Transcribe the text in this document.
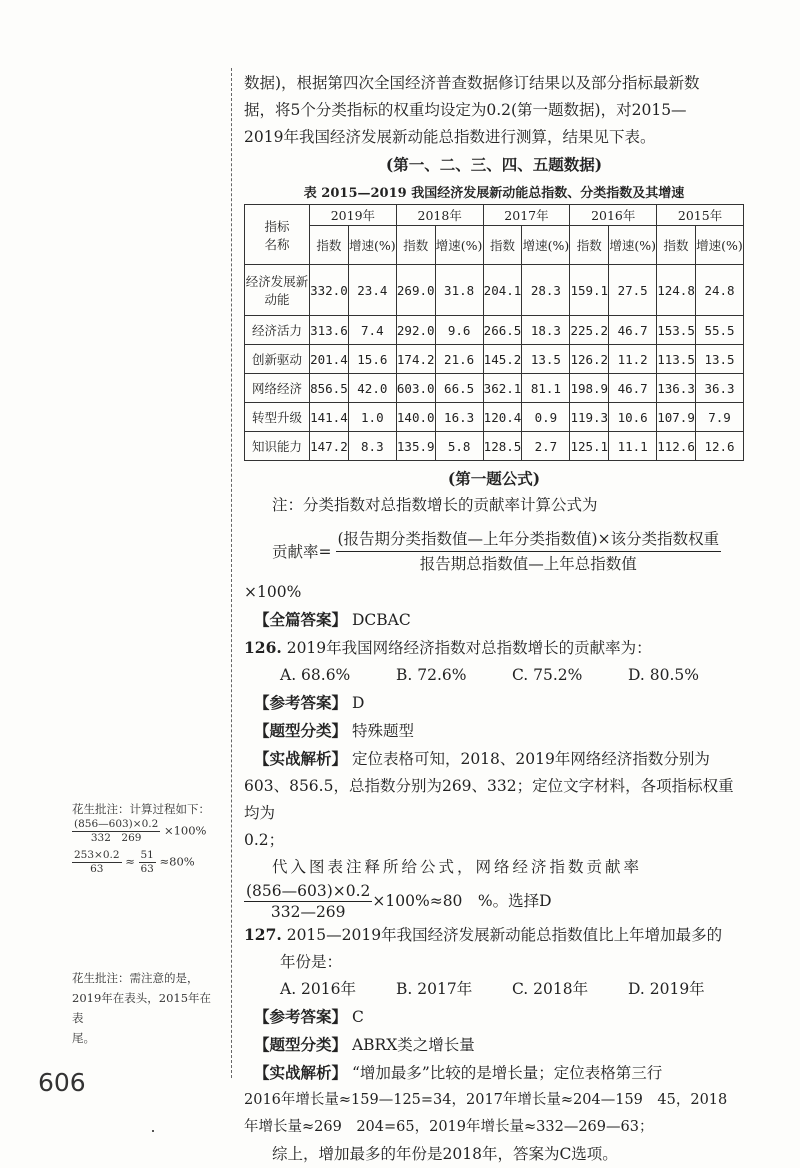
数据)，根据第四次全国经济普查数据修订结果以及部分指标最新数

据，将5个分类指标的权重均设定为0.2(第一题数据)，对2015—

2019年我国经济发展新动能总指数进行测算，结果见下表。

(第一、二、三、四、五题数据)

表 2015—2019 我国经济发展新动能总指数、分类指数及其增速
指标
名称	2019年		2018年		2017年		2016年		2015年	
	指数	增速(%)	指数	增速(%)	指数	增速(%)	指数	增速(%)	指数	增速(%)
经济发展新动能	332.0	23.4	269.0	31.8	204.1	28.3	159.1	27.5	124.8	24.8
经济活力	313.6	7.4	292.0	9.6	266.5	18.3	225.2	46.7	153.5	55.5
创新驱动	201.4	15.6	174.2	21.6	145.2	13.5	126.2	11.2	113.5	13.5
网络经济	856.5	42.0	603.0	66.5	362.1	81.1	198.9	46.7	136.3	36.3
转型升级	141.4	1.0	140.0	16.3	120.4	0.9	119.3	10.6	107.9	7.9
知识能力	147.2	8.3	135.9	5.8	128.5	2.7	125.1	11.1	112.6	12.6

(第一题公式)

注：分类指数对总指数增长的贡献率计算公式为

贡献率= $\frac{\text{(报告期分类指数值—上年分类指数值)×该分类指数权重}}{\text{报告期总指数值—上年总指数值}}$

×100%

【全篇答案】 DCBAC

126. 2019年我国网络经济指数对总指数增长的贡献率为：

A. 68.6%	B. 72.6%	C. 75.2%	D. 80.5%

【参考答案】 D

【题型分类】 特殊题型

【实战解析】 定位表格可知，2018、2019年网络经济指数分别为

603、856.5，总指数分别为269、332；定位文字材料，各项指标权重均为

0.2；

代入图表注释所给公式，网络经济指数贡献率

$\frac{(856—603)\times 0.2}{332—269} \times 100\%\approx 80$　% 。选择D

127. 2015—2019年我国经济发展新动能总指数值比上年增加最多的

年份是：

A. 2016年	B. 2017年	C. 2018年	D. 2019年

【参考答案】 C

【题型分类】 ABRX类之增长量

【实战解析】 “增加最多”比较的是增长量；定位表格第三行

2016年增长量≈159—125=34，2017年增长量≈204—159　45，2018

年增长量≈269　204=65，2019年增长量≈332—269—63；

综上，增加最多的年份是2018年，答案为C选项。

花生批注：计算过程如下：
$\frac{(856—603)\times 0.2}{332 269} \times 100\%$
$\frac{253\times 0.2}{63} \approx \frac{51}{63} \approx 80\%$
花生批注：需注意的是，
2019年在表头，2015年在表
尾。
606
